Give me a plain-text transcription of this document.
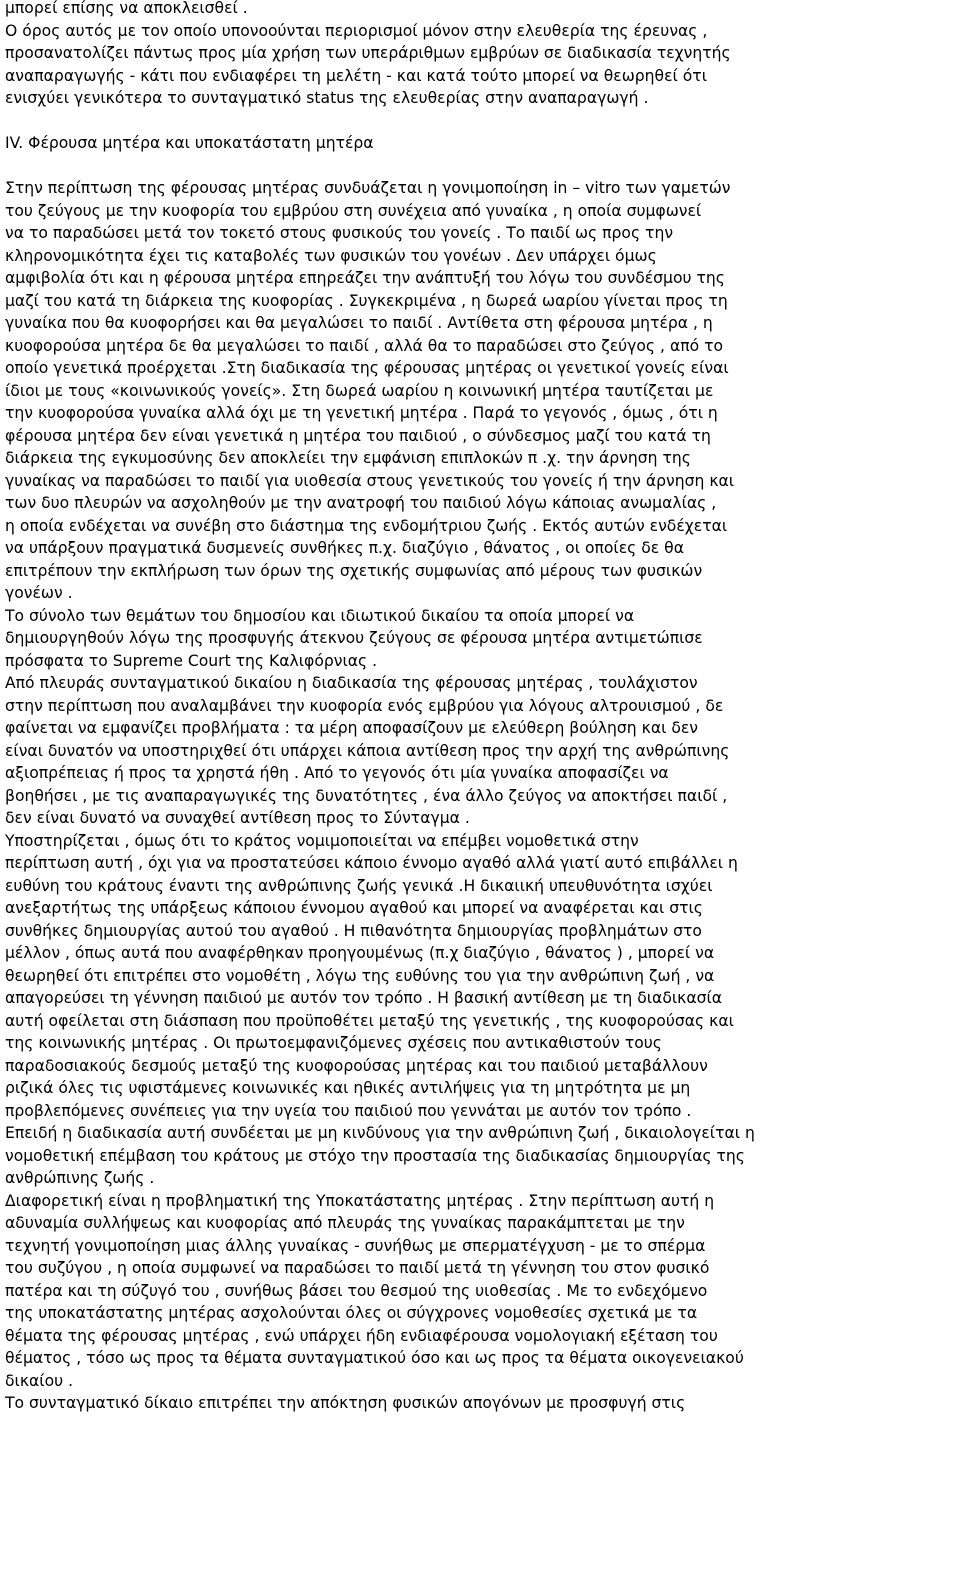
μπορεί επίσης να αποκλεισθεί .
Ο όρος αυτός με τον οποίο υπονοούνται περιορισμοί μόνον στην ελευθερία της έρευνας ,
προσανατολίζει πάντως προς μία χρήση των υπεράριθμων εμβρύων σε διαδικασία τεχνητής
αναπαραγωγής - κάτι που ενδιαφέρει τη μελέτη - και κατά τούτο μπορεί να θεωρηθεί ότι
ενισχύει γενικότερα το συνταγματικό status της ελευθερίας στην αναπαραγωγή .

IV. Φέρουσα μητέρα και υποκατάστατη μητέρα

Στην περίπτωση της φέρουσας μητέρας συνδυάζεται η γονιμοποίηση in – vitro των γαμετών
του ζεύγους με την κυοφορία του εμβρύου στη συνέχεια από γυναίκα , η οποία συμφωνεί
να το παραδώσει μετά τον τοκετό στους φυσικούς του γονείς . Το παιδί ως προς την
κληρονομικότητα έχει τις καταβολές των φυσικών του γονέων . Δεν υπάρχει όμως
αμφιβολία ότι και η φέρουσα μητέρα επηρεάζει την ανάπτυξή του λόγω του συνδέσμου της
μαζί του κατά τη διάρκεια της κυοφορίας . Συγκεκριμένα , η δωρεά ωαρίου γίνεται προς τη
γυναίκα που θα κυοφορήσει και θα μεγαλώσει το παιδί . Αντίθετα στη φέρουσα μητέρα , η
κυοφορούσα μητέρα δε θα μεγαλώσει το παιδί , αλλά θα το παραδώσει στο ζεύγος , από το
οποίο γενετικά προέρχεται .Στη διαδικασία της φέρουσας μητέρας οι γενετικοί γονείς είναι
ίδιοι με τους «κοινωνικούς γονείς». Στη δωρεά ωαρίου η κοινωνική μητέρα ταυτίζεται με
την κυοφορούσα γυναίκα αλλά όχι με τη γενετική μητέρα . Παρά το γεγονός , όμως , ότι η
φέρουσα μητέρα δεν είναι γενετικά η μητέρα του παιδιού , ο σύνδεσμος μαζί του κατά τη
διάρκεια της εγκυμοσύνης δεν αποκλείει την εμφάνιση επιπλοκών π .χ. την άρνηση της
γυναίκας να παραδώσει το παιδί για υιοθεσία στους γενετικούς του γονείς ή την άρνηση και
των δυο πλευρών να ασχοληθούν με την ανατροφή του παιδιού λόγω κάποιας ανωμαλίας ,
η οποία ενδέχεται να συνέβη στο διάστημα της ενδομήτριου ζωής . Εκτός αυτών ενδέχεται
να υπάρξουν πραγματικά δυσμενείς συνθήκες π.χ. διαζύγιο , θάνατος , οι οποίες δε θα
επιτρέπουν την εκπλήρωση των όρων της σχετικής συμφωνίας από μέρους των φυσικών
γονέων .
Το σύνολο των θεμάτων του δημοσίου και ιδιωτικού δικαίου τα οποία μπορεί να
δημιουργηθούν λόγω της προσφυγής άτεκνου ζεύγους σε φέρουσα μητέρα αντιμετώπισε
πρόσφατα το Supreme Court της Καλιφόρνιας .
Από πλευράς συνταγματικού δικαίου η διαδικασία της φέρουσας μητέρας , τουλάχιστον
στην περίπτωση που αναλαμβάνει την κυοφορία ενός εμβρύου για λόγους αλτρουισμού , δε
φαίνεται να εμφανίζει προβλήματα : τα μέρη αποφασίζουν με ελεύθερη βούληση και δεν
είναι δυνατόν να υποστηριχθεί ότι υπάρχει κάποια αντίθεση προς την αρχή της ανθρώπινης
αξιοπρέπειας ή προς τα χρηστά ήθη . Από το γεγονός ότι μία γυναίκα αποφασίζει να
βοηθήσει , με τις αναπαραγωγικές της δυνατότητες , ένα άλλο ζεύγος να αποκτήσει παιδί ,
δεν είναι δυνατό να συναχθεί αντίθεση προς το Σύνταγμα .
Υποστηρίζεται , όμως ότι το κράτος νομιμοποιείται να επέμβει νομοθετικά στην
περίπτωση αυτή , όχι για να προστατεύσει κάποιο έννομο αγαθό αλλά γιατί αυτό επιβάλλει η
ευθύνη του κράτους έναντι της ανθρώπινης ζωής γενικά .Η δικαιική υπευθυνότητα ισχύει
ανεξαρτήτως της υπάρξεως κάποιου έννομου αγαθού και μπορεί να αναφέρεται και στις
συνθήκες δημιουργίας αυτού του αγαθού . Η πιθανότητα δημιουργίας προβλημάτων στο
μέλλον , όπως αυτά που αναφέρθηκαν προηγουμένως (π.χ διαζύγιο , θάνατος ) , μπορεί να
θεωρηθεί ότι επιτρέπει στο νομοθέτη , λόγω της ευθύνης του για την ανθρώπινη ζωή , να
απαγορεύσει τη γέννηση παιδιού με αυτόν τον τρόπο . Η βασική αντίθεση με τη διαδικασία
αυτή οφείλεται στη διάσπαση που προϋποθέτει μεταξύ της γενετικής , της κυοφορούσας και
της κοινωνικής μητέρας . Οι πρωτοεμφανιζόμενες σχέσεις που αντικαθιστούν τους
παραδοσιακούς δεσμούς μεταξύ της κυοφορούσας μητέρας και του παιδιού μεταβάλλουν
ριζικά όλες τις υφιστάμενες κοινωνικές και ηθικές αντιλήψεις για τη μητρότητα με μη
προβλεπόμενες συνέπειες για την υγεία του παιδιού που γεννάται με αυτόν τον τρόπο .
Επειδή η διαδικασία αυτή συνδέεται με μη κινδύνους για την ανθρώπινη ζωή , δικαιολογείται η
νομοθετική επέμβαση του κράτους με στόχο την προστασία της διαδικασίας δημιουργίας της
ανθρώπινης ζωής .
Διαφορετική είναι η προβληματική της Υποκατάστατης μητέρας . Στην περίπτωση αυτή η
αδυναμία συλλήψεως και κυοφορίας από πλευράς της γυναίκας παρακάμπτεται με την
τεχνητή γονιμοποίηση μιας άλλης γυναίκας - συνήθως με σπερματέγχυση - με το σπέρμα
του συζύγου , η οποία συμφωνεί να παραδώσει το παιδί μετά τη γέννηση του στον φυσικό
πατέρα και τη σύζυγό του , συνήθως βάσει του θεσμού της υιοθεσίας . Με το ενδεχόμενο
της υποκατάστατης μητέρας ασχολούνται όλες οι σύγχρονες νομοθεσίες σχετικά με τα
θέματα της φέρουσας μητέρας , ενώ υπάρχει ήδη ενδιαφέρουσα νομολογιακή εξέταση του
θέματος , τόσο ως προς τα θέματα συνταγματικού όσο και ως προς τα θέματα οικογενειακού
δικαίου .
Το συνταγματικό δίκαιο επιτρέπει την απόκτηση φυσικών απογόνων με προσφυγή στις
